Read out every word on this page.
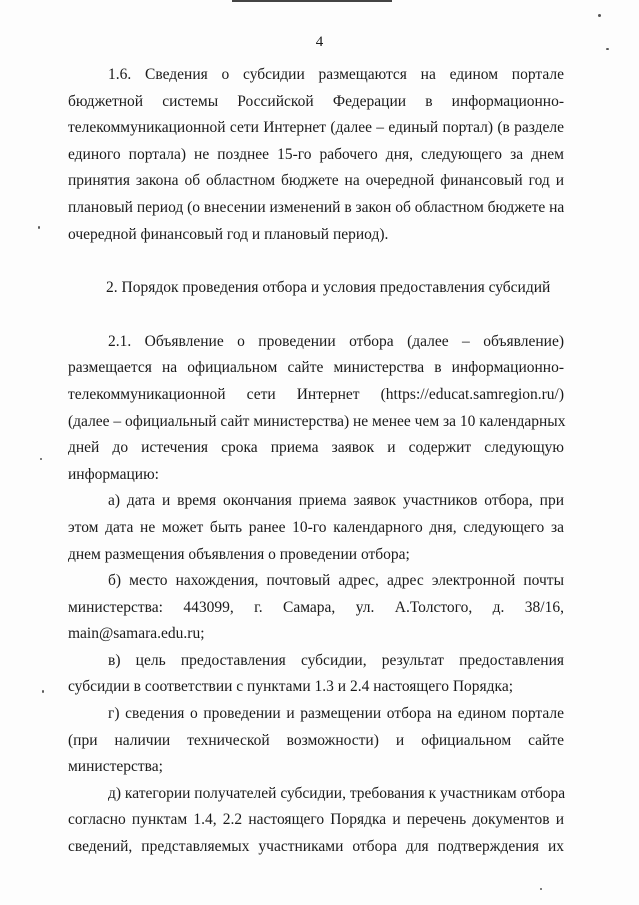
4
1.6. Сведения о субсидии размещаются на едином портале
бюджетной системы Российской Федерации в информационно-
телекоммуникационной сети Интернет (далее – единый портал) (в разделе
единого портала) не позднее 15-го рабочего дня, следующего за днем
принятия закона об областном бюджете на очередной финансовый год и
плановый период (о внесении изменений в закон об областном бюджете на
очередной финансовый год и плановый период).
2. Порядок проведения отбора и условия предоставления субсидий
2.1. Объявление о проведении отбора (далее – объявление)
размещается на официальном сайте министерства в информационно-
телекоммуникационной сети Интернет (https://educat.samregion.ru/)
(далее – официальный сайт министерства) не менее чем за 10 календарных
дней до истечения срока приема заявок и содержит следующую
информацию:
а) дата и время окончания приема заявок участников отбора, при
этом дата не может быть ранее 10-го календарного дня, следующего за
днем размещения объявления о проведении отбора;
б) место нахождения, почтовый адрес, адрес электронной почты
министерства: 443099, г. Самара, ул. А.Толстого, д. 38/16,
main@samara.edu.ru;
в) цель предоставления субсидии, результат предоставления
субсидии в соответствии с пунктами 1.3 и 2.4 настоящего Порядка;
г) сведения о проведении и размещении отбора на едином портале
(при наличии технической возможности) и официальном сайте
министерства;
д) категории получателей субсидии, требования к участникам отбора
согласно пунктам 1.4, 2.2 настоящего Порядка и перечень документов и
сведений, представляемых участниками отбора для подтверждения их
